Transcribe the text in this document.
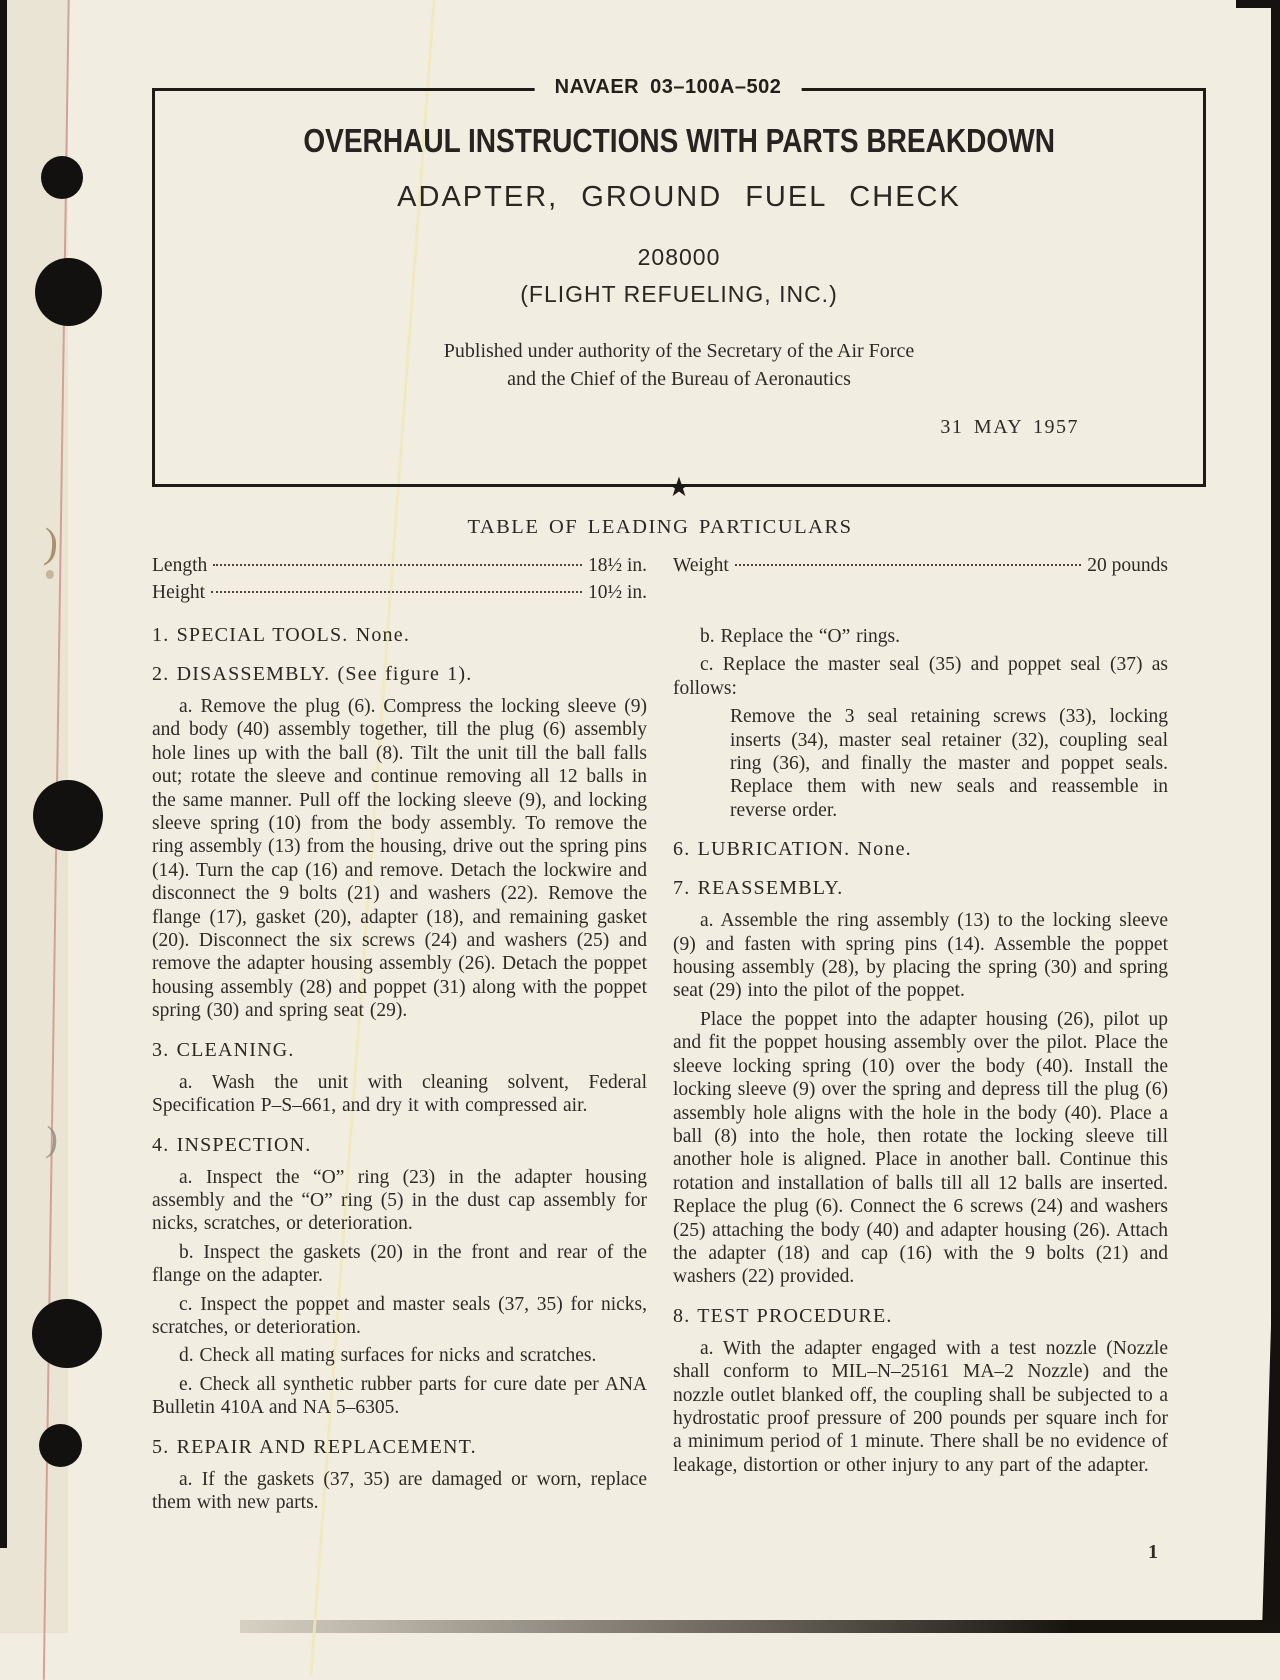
)
)
NAVAER 03–100A–502
OVERHAUL INSTRUCTIONS WITH PARTS BREAKDOWN
ADAPTER, GROUND FUEL CHECK
208000
(FLIGHT REFUELING, INC.)
Published under authority of the Secretary of the Air Force
and the Chief of the Bureau of Aeronautics
31 MAY 1957
★
TABLE OF LEADING PARTICULARS
Length	18½ in.
Height	10½ in.
Weight	20 pounds

1. SPECIAL TOOLS. None.

2. DISASSEMBLY. (See figure 1).

a. Remove the plug (6). Compress the locking sleeve (9) and body (40) assembly together, till the plug (6) assembly hole lines up with the ball (8). Tilt the unit till the ball falls out; rotate the sleeve and continue removing all 12 balls in the same manner. Pull off the locking sleeve (9), and locking sleeve spring (10) from the body assembly. To remove the ring assembly (13) from the housing, drive out the spring pins (14). Turn the cap (16) and remove. Detach the lockwire and disconnect the 9 bolts (21) and washers (22). Remove the flange (17), gasket (20), adapter (18), and remaining gasket (20). Disconnect the six screws (24) and washers (25) and remove the adapter housing assembly (26). Detach the poppet housing assembly (28) and poppet (31) along with the poppet spring (30) and spring seat (29).

3. CLEANING.

a. Wash the unit with cleaning solvent, Federal Specification P–S–661, and dry it with compressed air.

4. INSPECTION.

a. Inspect the “O” ring (23) in the adapter housing assembly and the “O” ring (5) in the dust cap assembly for nicks, scratches, or deterioration.

b. Inspect the gaskets (20) in the front and rear of the flange on the adapter.

c. Inspect the poppet and master seals (37, 35) for nicks, scratches, or deterioration.

d. Check all mating surfaces for nicks and scratches.

e. Check all synthetic rubber parts for cure date per ANA Bulletin 410A and NA 5–6305.

5. REPAIR AND REPLACEMENT.

a. If the gaskets (37, 35) are damaged or worn, replace them with new parts.

b. Replace the “O” rings.

c. Replace the master seal (35) and poppet seal (37) as follows:

Remove the 3 seal retaining screws (33), locking inserts (34), master seal retainer (32), coupling seal ring (36), and finally the master and poppet seals. Replace them with new seals and reassemble in reverse order.

6. LUBRICATION. None.

7. REASSEMBLY.

a. Assemble the ring assembly (13) to the locking sleeve (9) and fasten with spring pins (14). Assemble the poppet housing assembly (28), by placing the spring (30) and spring seat (29) into the pilot of the poppet.

Place the poppet into the adapter housing (26), pilot up and fit the poppet housing assembly over the pilot. Place the sleeve locking spring (10) over the body (40). Install the locking sleeve (9) over the spring and depress till the plug (6) assembly hole aligns with the hole in the body (40). Place a ball (8) into the hole, then rotate the locking sleeve till another hole is aligned. Place in another ball. Continue this rotation and installation of balls till all 12 balls are inserted. Replace the plug (6). Connect the 6 screws (24) and washers (25) attaching the body (40) and adapter housing (26). Attach the adapter (18) and cap (16) with the 9 bolts (21) and washers (22) provided.

8. TEST PROCEDURE.

a. With the adapter engaged with a test nozzle (Nozzle shall conform to MIL–N–25161 MA–2 Nozzle) and the nozzle outlet blanked off, the coupling shall be subjected to a hydrostatic proof pressure of 200 pounds per square inch for a minimum period of 1 minute. There shall be no evidence of leakage, distortion or other injury to any part of the adapter.

1
